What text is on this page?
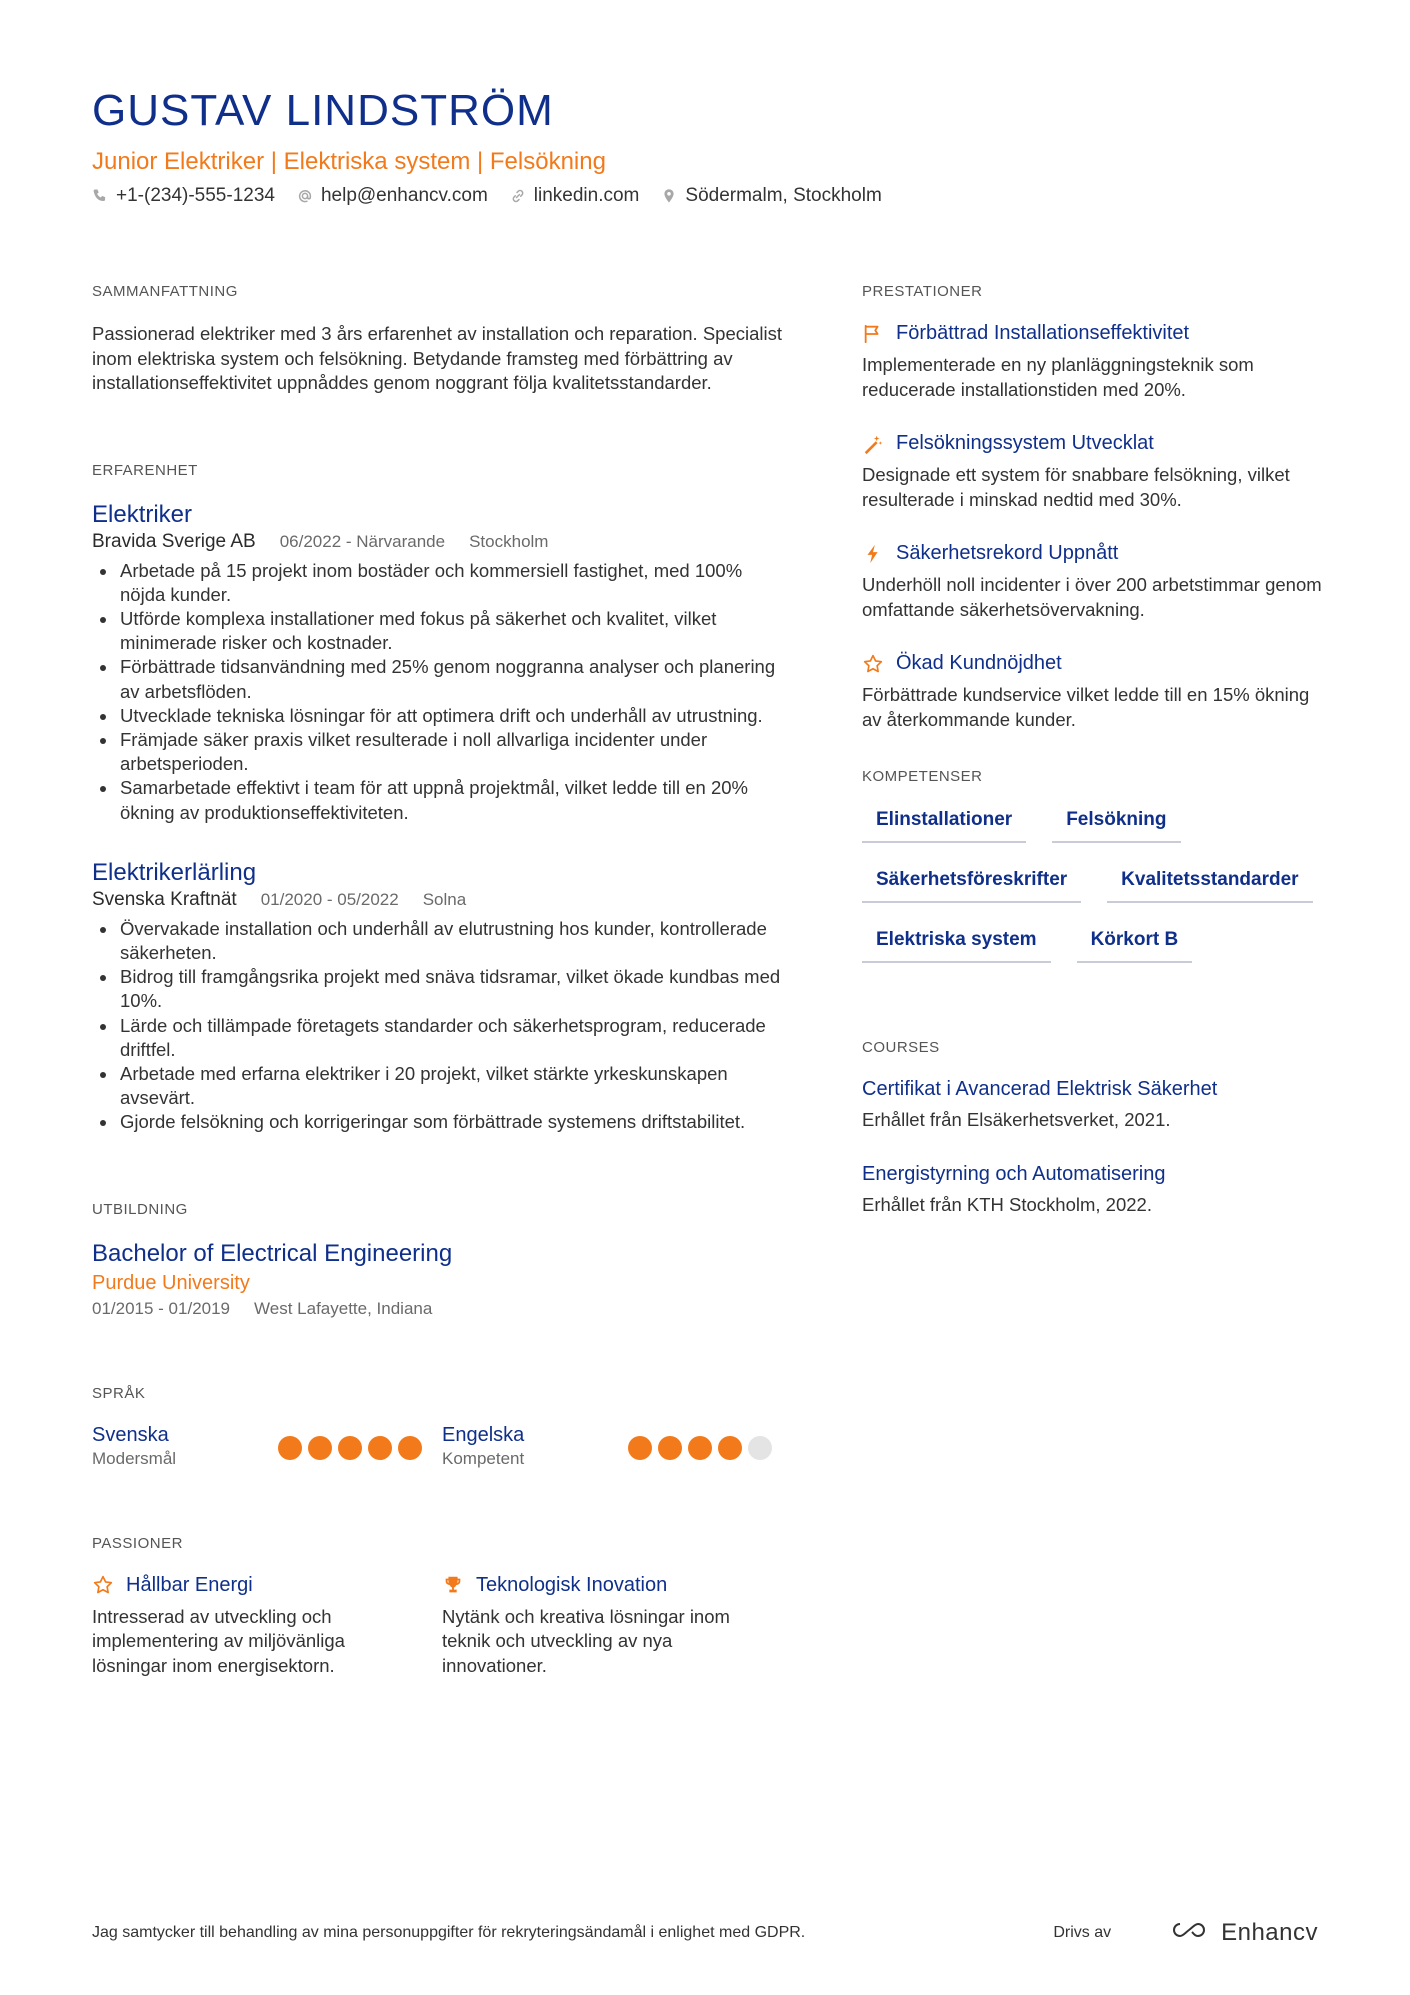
GUSTAV LINDSTRÖM
Junior Elektriker | Elektriska system | Felsökning
+1-(234)-555-1234 help@enhancv.com linkedin.com Södermalm, Stockholm
SAMMANFATTNING

Passionerad elektriker med 3 års erfarenhet av installation och reparation. Specialist inom elektriska system och felsökning. Betydande framsteg med förbättring av installationseffektivitet uppnåddes genom noggrant följa kvalitetsstandarder.

ERFARENHET
Elektriker
Bravida Sverige AB 06/2022 - Närvarande Stockholm
Arbetade på 15 projekt inom bostäder och kommersiell fastighet, med 100% nöjda kunder.
Utförde komplexa installationer med fokus på säkerhet och kvalitet, vilket minimerade risker och kostnader.
Förbättrade tidsanvändning med 25% genom noggranna analyser och planering av arbetsflöden.
Utvecklade tekniska lösningar för att optimera drift och underhåll av utrustning.
Främjade säker praxis vilket resulterade i noll allvarliga incidenter under arbetsperioden.
Samarbetade effektivt i team för att uppnå projektmål, vilket ledde till en 20% ökning av produktionseffektiviteten.
Elektrikerlärling
Svenska Kraftnät 01/2020 - 05/2022 Solna
Övervakade installation och underhåll av elutrustning hos kunder, kontrollerade säkerheten.
Bidrog till framgångsrika projekt med snäva tidsramar, vilket ökade kundbas med 10%.
Lärde och tillämpade företagets standarder och säkerhetsprogram, reducerade driftfel.
Arbetade med erfarna elektriker i 20 projekt, vilket stärkte yrkeskunskapen avsevärt.
Gjorde felsökning och korrigeringar som förbättrade systemens driftstabilitet.
UTBILDNING
Bachelor of Electrical Engineering
Purdue University
01/2015 - 01/2019 West Lafayette, Indiana
SPRÅK
Svenska
Modersmål
Engelska
Kompetent
PASSIONER
Hållbar Energi
Intresserad av utveckling och implementering av miljövänliga lösningar inom energisektorn.
Teknologisk Inovation
Nytänk och kreativa lösningar inom teknik och utveckling av nya innovationer.
PRESTATIONER
Förbättrad Installationseffektivitet
Implementerade en ny planläggningsteknik som reducerade installationstiden med 20%.
Felsökningssystem Utvecklat
Designade ett system för snabbare felsökning, vilket resulterade i minskad nedtid med 30%.
Säkerhetsrekord Uppnått
Underhöll noll incidenter i över 200 arbetstimmar genom omfattande säkerhetsövervakning.
Ökad Kundnöjdhet
Förbättrade kundservice vilket ledde till en 15% ökning av återkommande kunder.
KOMPETENSER
Elinstallationer	Felsökning
Säkerhetsföreskrifter	Kvalitetsstandarder
Elektriska system	Körkort B
COURSES
Certifikat i Avancerad Elektrisk Säkerhet
Erhållet från Elsäkerhetsverket, 2021.
Energistyrning och Automatisering
Erhållet från KTH Stockholm, 2022.
Jag samtycker till behandling av mina personuppgifter för rekryteringsändamål i enlighet med GDPR.	Drivs av	Enhancv
